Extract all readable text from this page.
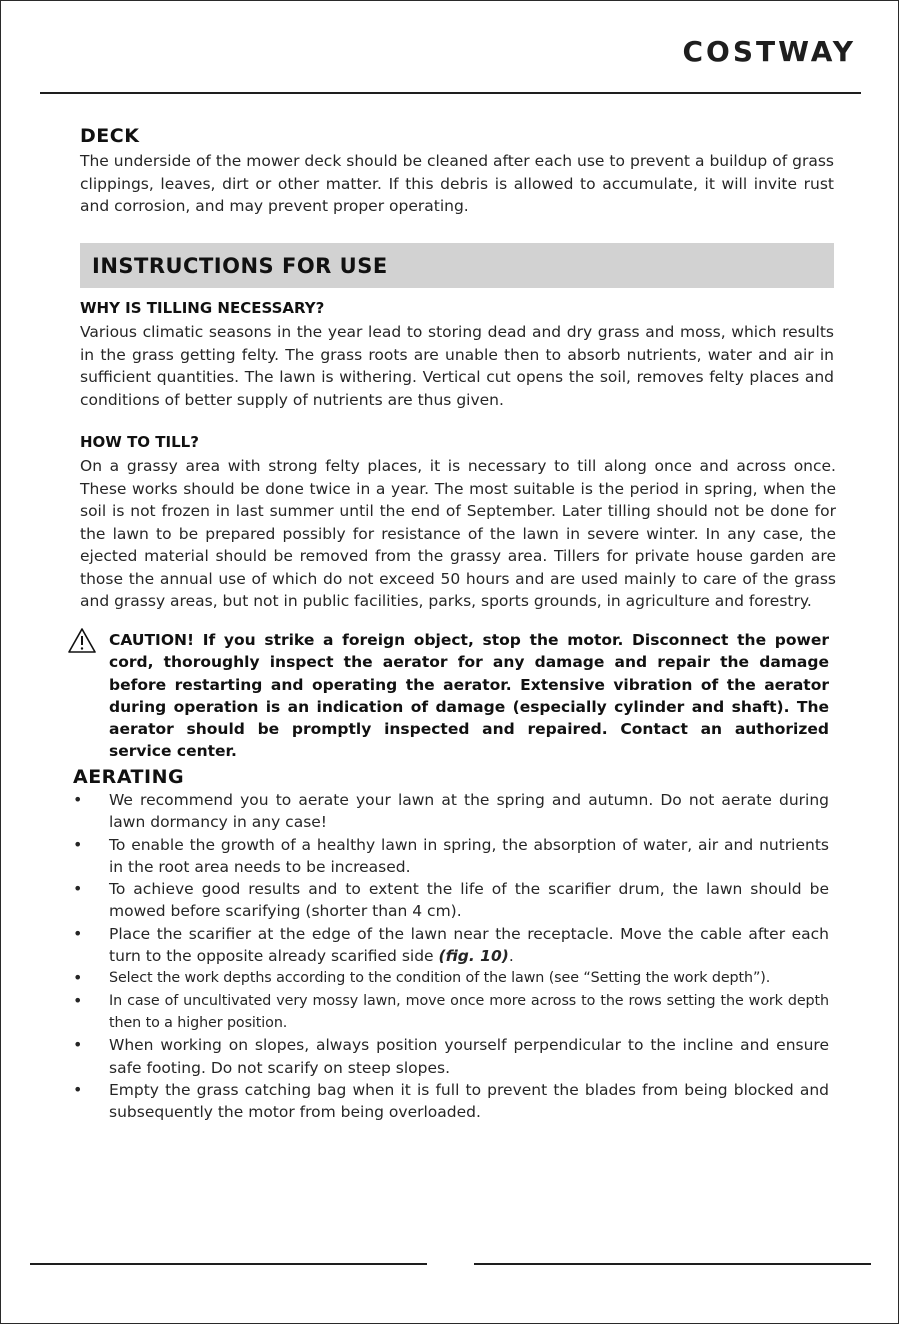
COSTWAY
DECK

The underside of the mower deck should be cleaned after each use to prevent a buildup of grass clippings, leaves, dirt or other matter. If this debris is allowed to accumulate, it will invite rust and corrosion, and may prevent proper operating.

INSTRUCTIONS FOR USE
WHY IS TILLING NECESSARY?

Various climatic seasons in the year lead to storing dead and dry grass and moss, which results in the grass getting felty. The grass roots are unable then to absorb nutrients, water and air in sufficient quantities. The lawn is withering. Vertical cut opens the soil, removes felty places and conditions of better supply of nutrients are thus given.

HOW TO TILL?

On a grassy area with strong felty places, it is necessary to till along once and across once. These works should be done twice in a year. The most suitable is the period in spring, when the soil is not frozen in last summer until the end of September. Later tilling should not be done for the lawn to be prepared possibly for resistance of the lawn in severe winter. In any case, the ejected material should be removed from the grassy area. Tillers for private house garden are those the annual use of which do not exceed 50 hours and are used mainly to care of the grass and grassy areas, but not in public facilities, parks, sports grounds, in agriculture and forestry.

CAUTION! If you strike a foreign object, stop the motor. Disconnect the power cord, thoroughly inspect the aerator for any damage and repair the damage before restarting and operating the aerator. Extensive vibration of the aerator during operation is an indication of damage (especially cylinder and shaft). The aerator should be promptly inspected and repaired. Contact an authorized service center.

AERATING
• We recommend you to aerate your lawn at the spring and autumn. Do not aerate during lawn dormancy in any case!
• To enable the growth of a healthy lawn in spring, the absorption of water, air and nutrients in the root area needs to be increased.
• To achieve good results and to extent the life of the scarifier drum, the lawn should be mowed before scarifying (shorter than 4 cm).
• Place the scarifier at the edge of the lawn near the receptacle. Move the cable after each turn to the opposite already scarified side (fig. 10).
• Select the work depths according to the condition of the lawn (see “Setting the work depth”).
• In case of uncultivated very mossy lawn, move once more across to the rows setting the work depth then to a higher position.
• When working on slopes, always position yourself perpendicular to the incline and ensure safe footing. Do not scarify on steep slopes.
• Empty the grass catching bag when it is full to prevent the blades from being blocked and subsequently the motor from being overloaded.
